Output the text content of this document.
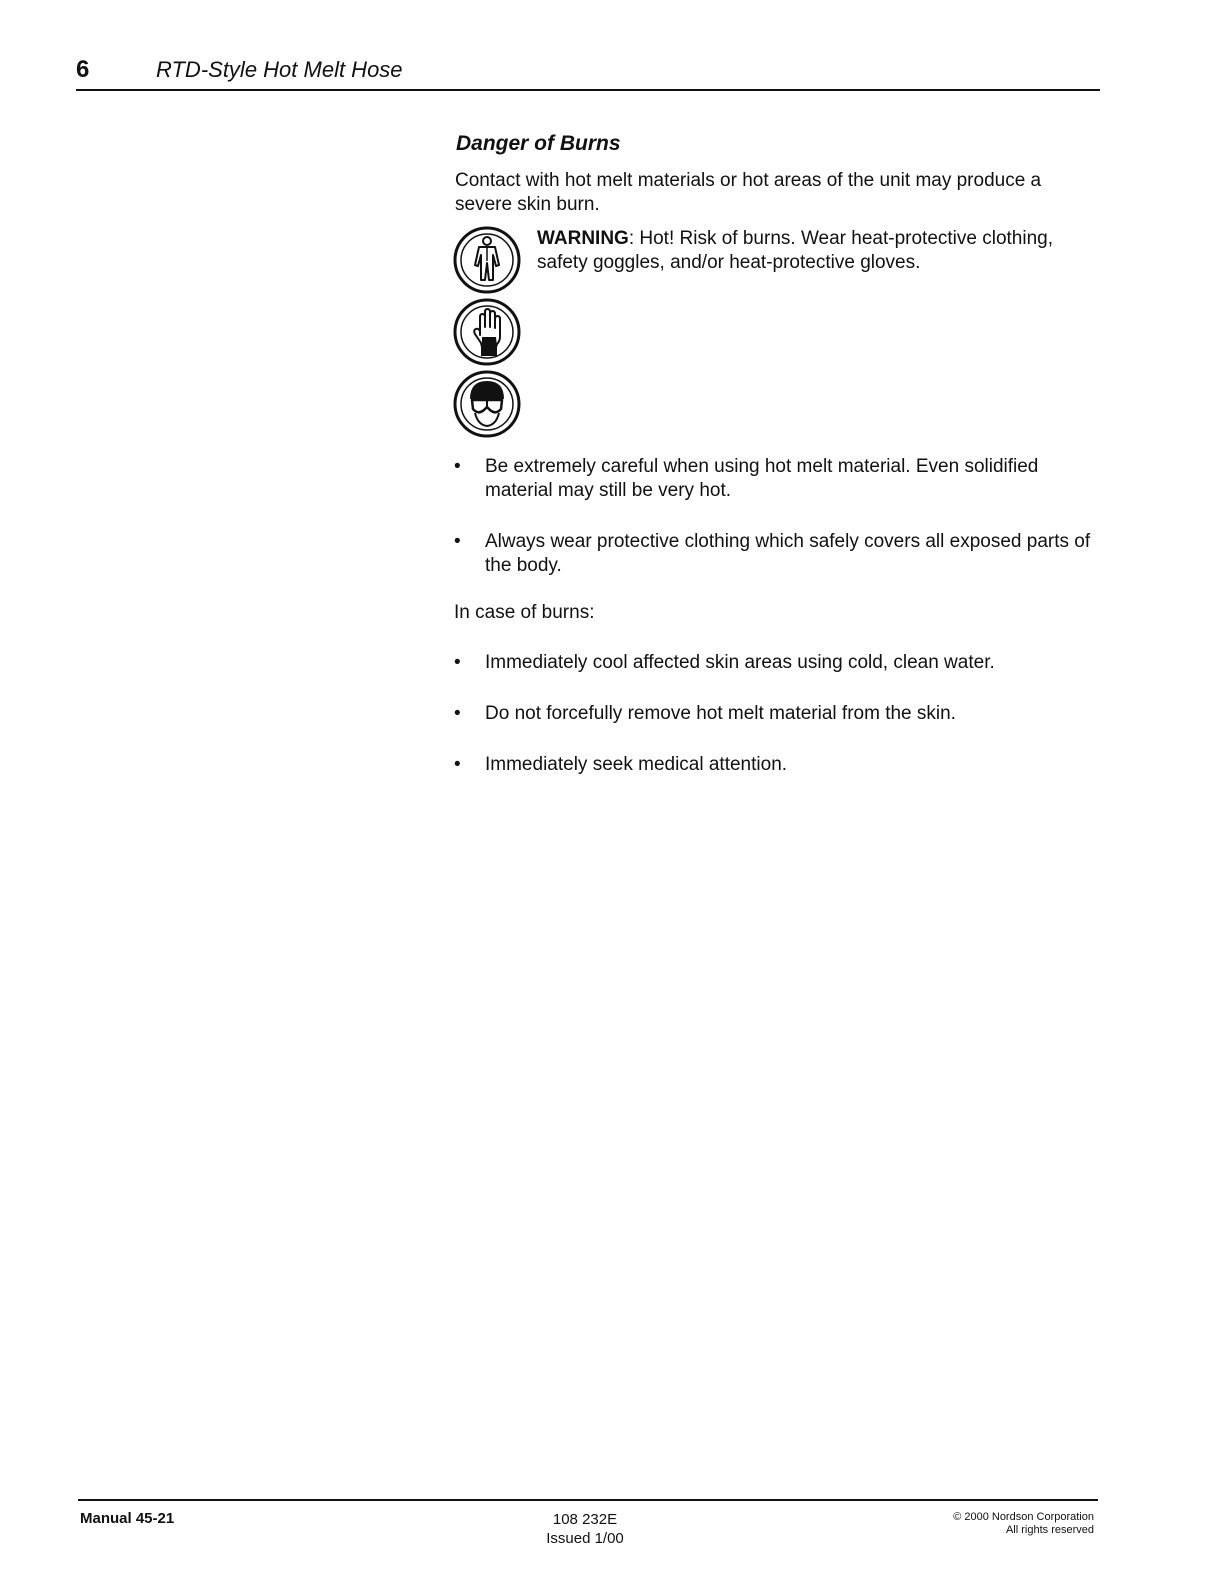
6	RTD-Style Hot Melt Hose
Danger of Burns
Contact with hot melt materials or hot areas of the unit may produce a severe skin burn.
WARNING: Hot! Risk of burns. Wear heat-protective clothing, safety goggles, and/or heat-protective gloves.
• Be extremely careful when using hot melt material. Even solidified material may still be very hot.
• Always wear protective clothing which safely covers all exposed parts of the body.
In case of burns:
• Immediately cool affected skin areas using cold, clean water.
• Do not forcefully remove hot melt material from the skin.
• Immediately seek medical attention.
Manual 45-21	108 232E
Issued 1/00
© 2000 Nordson Corporation
All rights reserved
